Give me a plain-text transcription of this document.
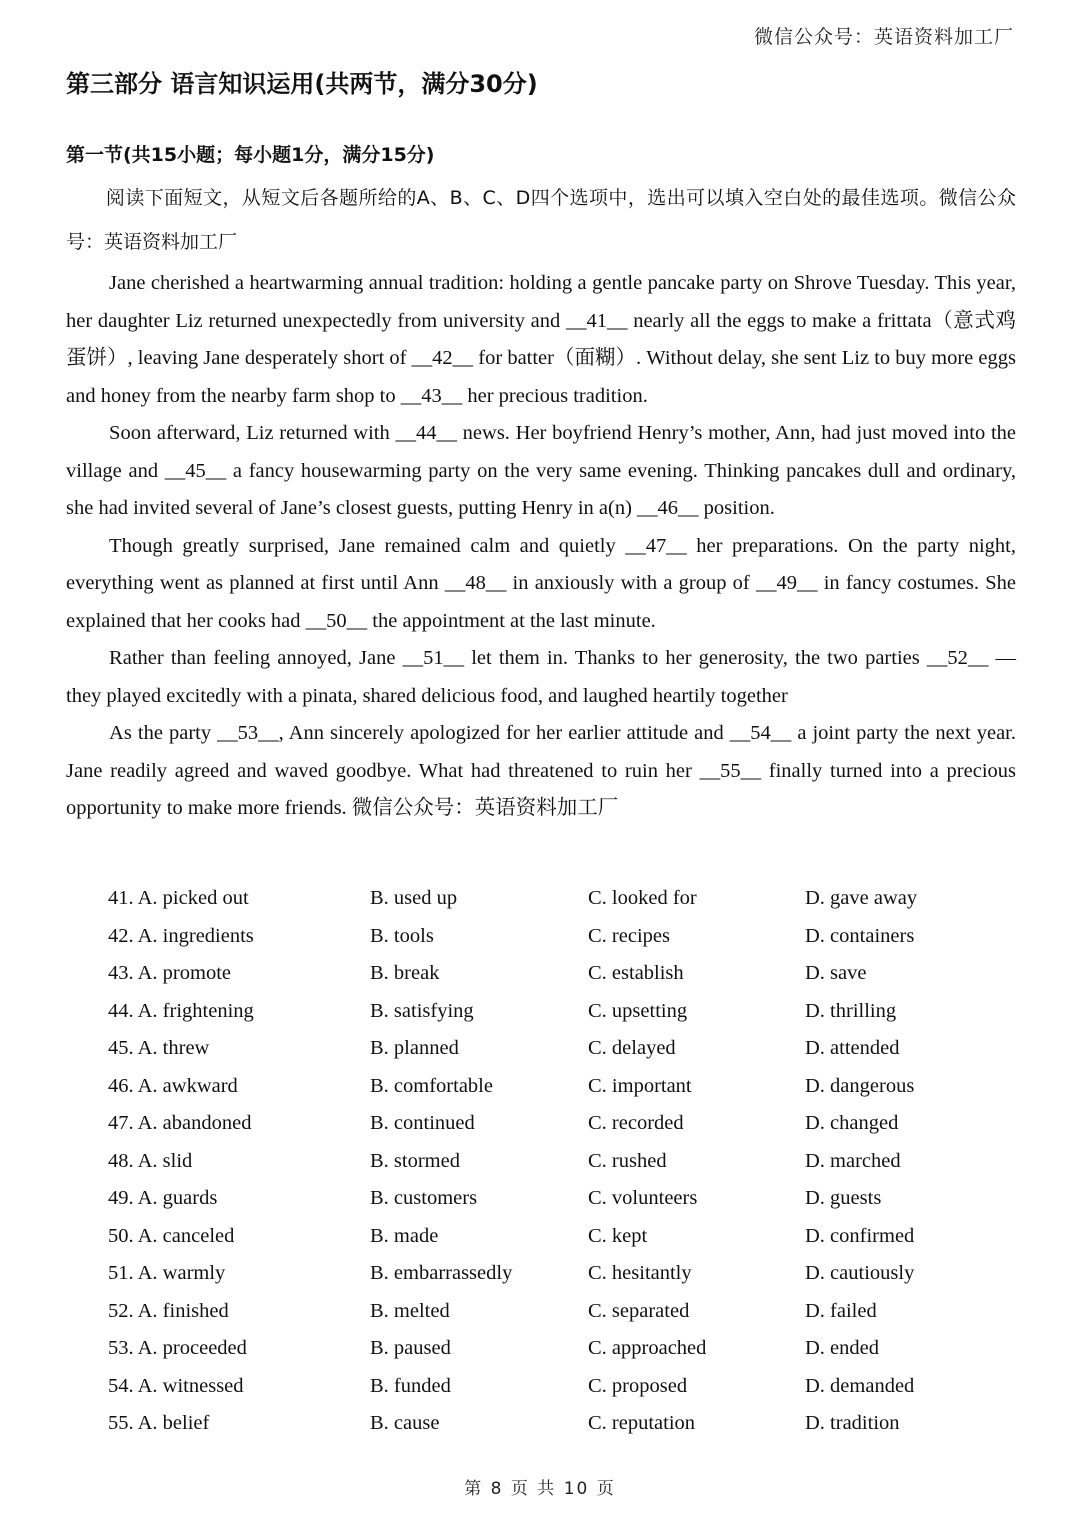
微信公众号：英语资料加工厂
第三部分 语言知识运用(共两节，满分30分)
第一节(共15小题；每小题1分，满分15分)

阅读下面短文，从短文后各题所给的A、B、C、D四个选项中，选出可以填入空白处的最佳选项。微信公众号：英语资料加工厂

Jane cherished a heartwarming annual tradition: holding a gentle pancake party on Shrove Tuesday. This year, her daughter Liz returned unexpectedly from university and __41__ nearly all the eggs to make a frittata（意式鸡蛋饼）, leaving Jane desperately short of __42__ for batter（面糊）. Without delay, she sent Liz to buy more eggs and honey from the nearby farm shop to __43__ her precious tradition.

Soon afterward, Liz returned with __44__ news. Her boyfriend Henry’s mother, Ann, had just moved into the village and __45__ a fancy housewarming party on the very same evening. Thinking pancakes dull and ordinary, she had invited several of Jane’s closest guests, putting Henry in a(n) __46__ position.

Though greatly surprised, Jane remained calm and quietly __47__ her preparations. On the party night, everything went as planned at first until Ann __48__ in anxiously with a group of __49__ in fancy costumes. She explained that her cooks had __50__ the appointment at the last minute.

Rather than feeling annoyed, Jane __51__ let them in. Thanks to her generosity, the two parties __52__ —they played excitedly with a pinata, shared delicious food, and laughed heartily together

As the party __53__, Ann sincerely apologized for her earlier attitude and __54__ a joint party the next year. Jane readily agreed and waved goodbye. What had threatened to ruin her __55__ finally turned into a precious opportunity to make more friends. 微信公众号：英语资料加工厂

41. A. picked out	B. used up	C. looked for	D. gave away
42. A. ingredients	B. tools	C. recipes	D. containers
43. A. promote	B. break	C. establish	D. save
44. A. frightening	B. satisfying	C. upsetting	D. thrilling
45. A. threw	B. planned	C. delayed	D. attended
46. A. awkward	B. comfortable	C. important	D. dangerous
47. A. abandoned	B. continued	C. recorded	D. changed
48. A. slid	B. stormed	C. rushed	D. marched
49. A. guards	B. customers	C. volunteers	D. guests
50. A. canceled	B. made	C. kept	D. confirmed
51. A. warmly	B. embarrassedly	C. hesitantly	D. cautiously
52. A. finished	B. melted	C. separated	D. failed
53. A. proceeded	B. paused	C. approached	D. ended
54. A. witnessed	B. funded	C. proposed	D. demanded
55. A. belief	B. cause	C. reputation	D. tradition
第 8 页 共 10 页
